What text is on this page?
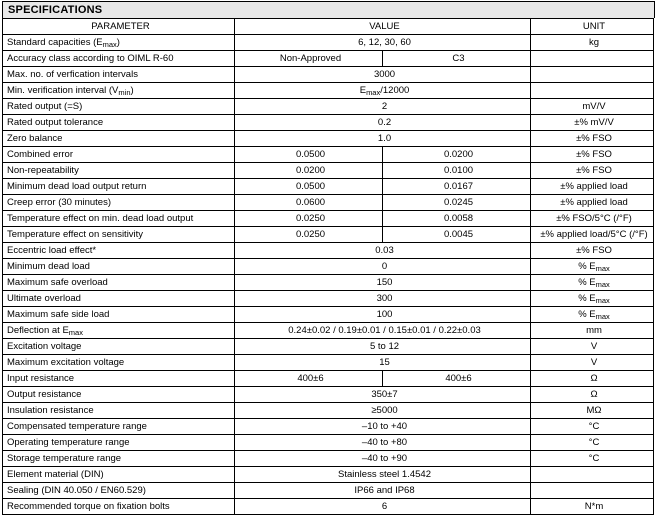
SPECIFICATIONS
PARAMETER	VALUE		UNIT
Standard capacities $(E_{max})$	6, 12, 30, 60		kg
Accuracy class according to OIML R-60	Non-Approved	C3	
Max. no. of verfication intervals	3000		
Min. verification interval $(V_{min})$	$E_{max}/12000$		
Rated output (=S)	2		mV/V
Rated output tolerance	0.2		±% mV/V
Zero balance	1.0		±% FSO
Combined error	0.0500	0.0200	±% FSO
Non-repeatability	0.0200	0.0100	±% FSO
Minimum dead load output return	0.0500	0.0167	±% applied load
Creep error (30 minutes)	0.0600	0.0245	±% applied load
Temperature effect on min. dead load output	0.0250	0.0058	±% FSO/5°C (/°F)
Temperature effect on sensitivity	0.0250	0.0045	±% applied load/5°C (/°F)
Eccentric load effect*	0.03		±% FSO
Minimum dead load	0		% $E_{max}$
Maximum safe overload	150		% $E_{max}$
Ultimate overload	300		% $E_{max}$
Maximum safe side load	100		% $E_{max}$
Deflection at $E_{max}$	0.24±0.02 / 0.19±0.01 / 0.15±0.01 / 0.22±0.03		mm
Excitation voltage	5 to 12		V
Maximum excitation voltage	15		V
Input resistance	400±6	400±6	Ω
Output resistance	350±7		Ω
Insulation resistance	≥5000		MΩ
Compensated temperature range	–10 to +40		°C
Operating temperature range	–40 to +80		°C
Storage temperature range	–40 to +90		°C
Element material (DIN)	Stainless steel 1.4542		
Sealing (DIN 40.050 / EN60.529)	IP66 and IP68		
Recommended torque on fixation bolts	6		N*m
